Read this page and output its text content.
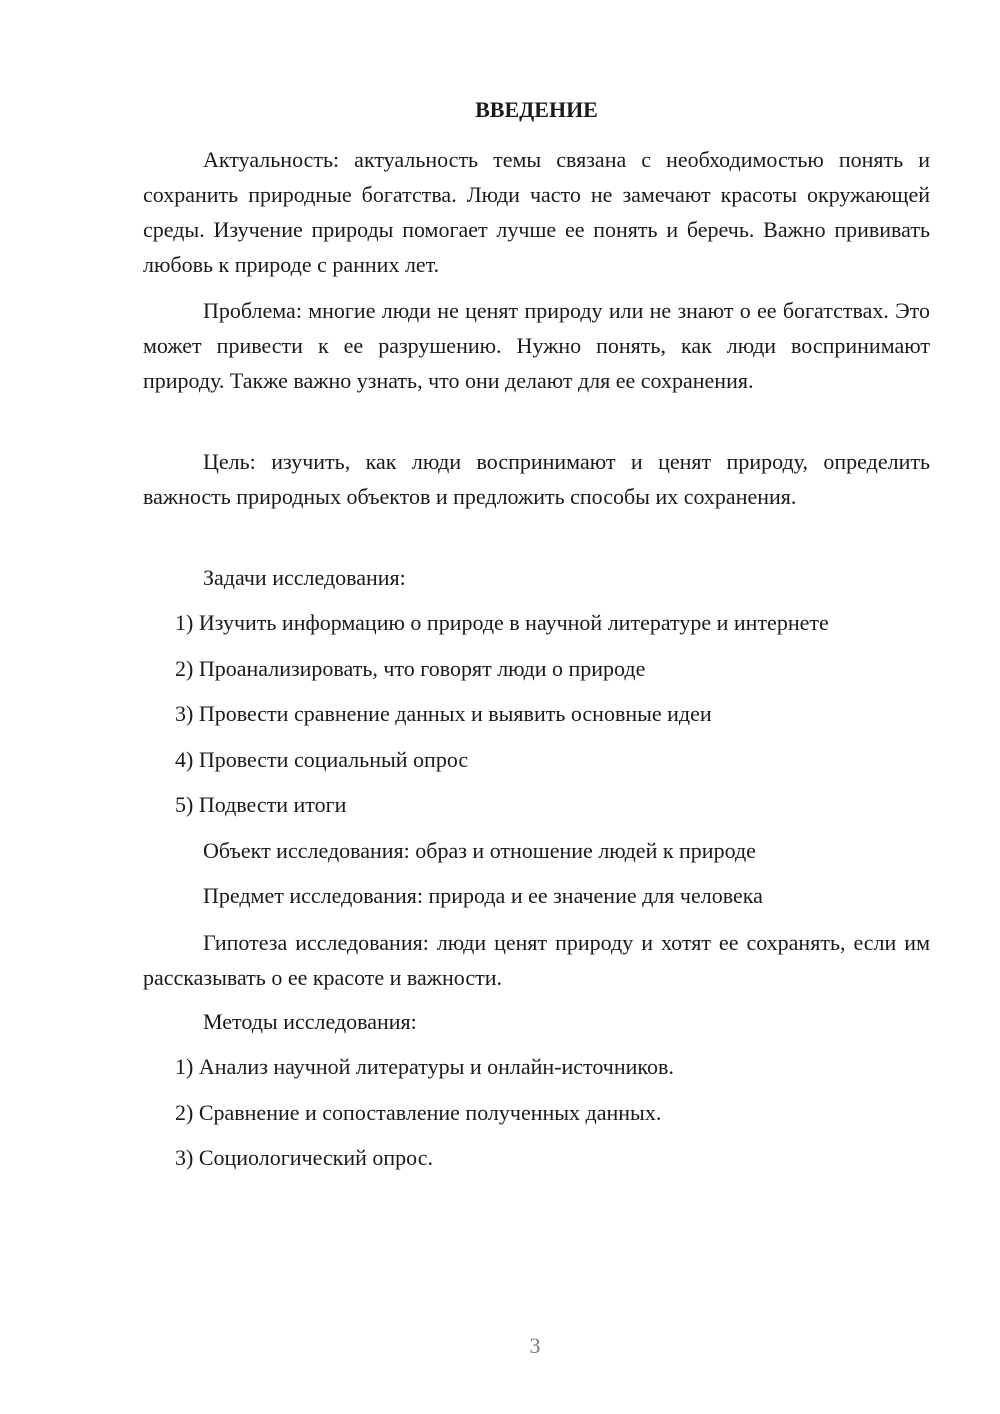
ВВЕДЕНИЕ

Актуальность: актуальность темы связана с необходимостью понять и сохранить природные богатства. Люди часто не замечают красоты окружающей среды. Изучение природы помогает лучше ее понять и беречь. Важно прививать любовь к природе с ранних лет.

Проблема: многие люди не ценят природу или не знают о ее богатствах. Это может привести к ее разрушению. Нужно понять, как люди воспринимают природу. Также важно узнать, что они делают для ее сохранения.

Цель: изучить, как люди воспринимают и ценят природу, определить важность природных объектов и предложить способы их сохранения.

Задачи исследования:

1) Изучить информацию о природе в научной литературе и интернете

2) Проанализировать, что говорят люди о природе

3) Провести сравнение данных и выявить основные идеи

4) Провести социальный опрос

5) Подвести итоги

Объект исследования: образ и отношение людей к природе

Предмет исследования: природа и ее значение для человека

Гипотеза исследования: люди ценят природу и хотят ее сохранять, если им рассказывать о ее красоте и важности.

Методы исследования:

1) Анализ научной литературы и онлайн-источников.

2) Сравнение и сопоставление полученных данных.

3) Социологический опрос.

3
